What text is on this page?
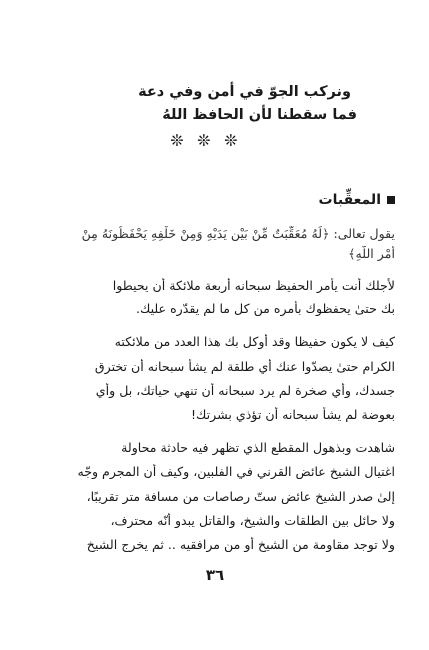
ونركب الجوّ في أمن وفي دعة
فما سقطنا لأن الحافظ اللهُ
❊ ❊ ❊
المعقِّبات
يقول تعالى: ﴿لَهُ مُعَقِّبَتٌ مِّنْ بَيْنِ يَدَيْهِ وَمِنْ خَلْفِهِ يَحْفَظُونَهُ مِنْ
أَمْرِ اللَّهِ﴾
لأجلك أنت يأمر الحفيظ سبحانه أربعة ملائكة أن يحيطوا
بك حتىٰ يحفظوك بأمره من كل ما لم يقدّره عليك.
كيف لا يكون حفيظا وقد أوكل بك هذا العدد من ملائكته
الكرام حتىٰ يصدّوا عنك أي طلقة لم يشأ سبحانه أن تخترق
جسدك، وأي صخرة لم يرد سبحانه أن تنهي حياتك، بل وأي
بعوضة لم يشأ سبحانه أن تؤذي بشرتك!
شاهدت وبذهول المقطع الذي تظهر فيه حادثة محاولة
اغتيال الشيخ عائض القرني في الفلبين، وكيف أن المجرم وجّه
إلىٰ صدر الشيخ عائض ستّ رصاصات من مسافة متر تقريبًا،
ولا حائل بين الطلقات والشيخ، والقاتل يبدو أنّه محترف،
ولا توجد مقاومة من الشيخ أو من مرافقيه .. ثم يخرج الشيخ
٣٦
